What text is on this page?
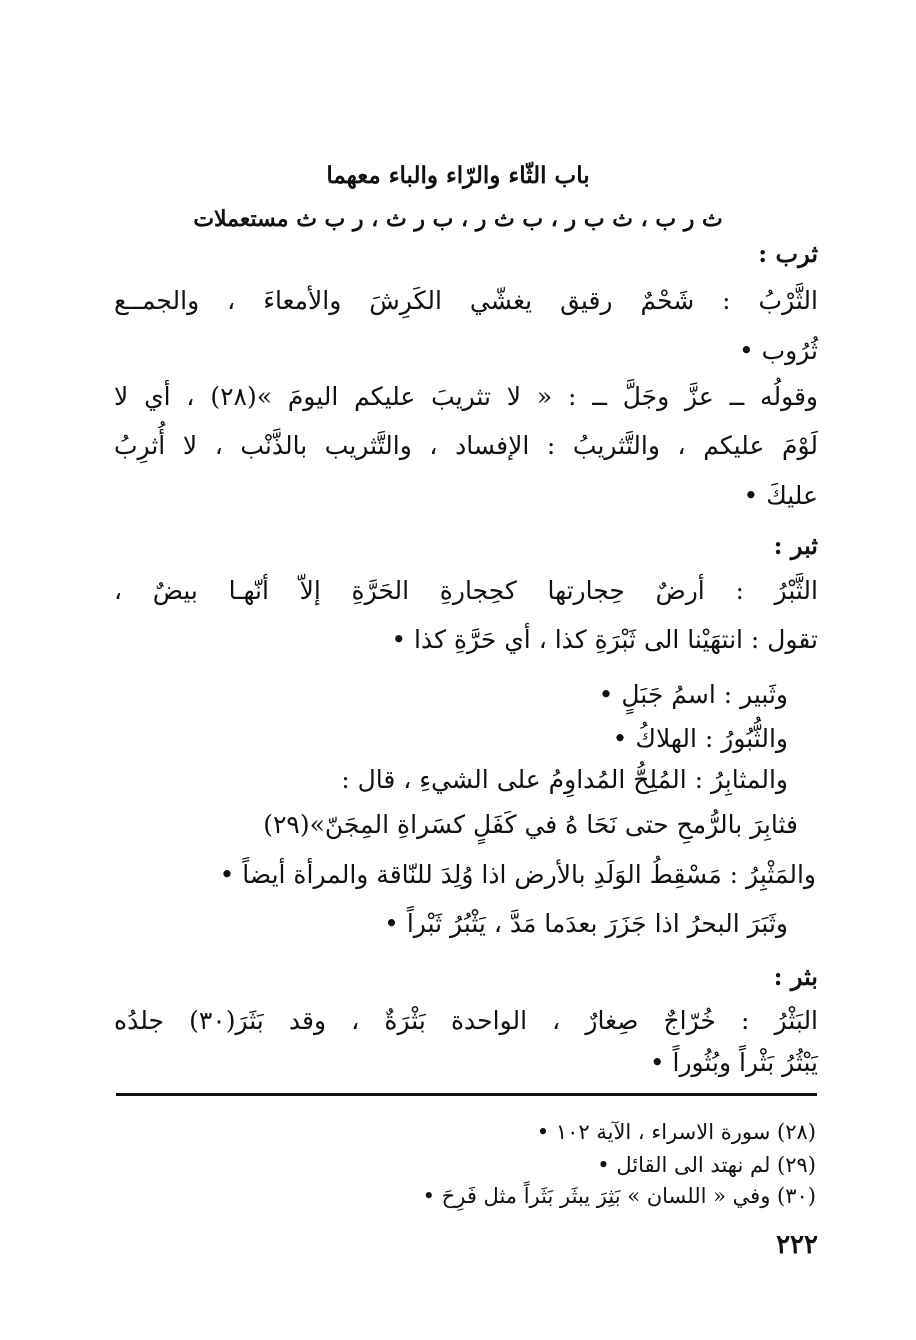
باب الثّاء والرّاء والباء معهما
ث ر ب ، ث ب ر ، ب ث ر ، ب ر ث ، ر ب ث مستعملات
ثرب :
الثَّرْبُ : شَحْمٌ رقيق يغشّي الكَرِشَ والأمعاءَ ، والجمــع
ثُرُوب •
وقولُه ــ عزَّ وجَلَّ ــ : « لا تثريبَ عليكم اليومَ »(٢٨) ، أي لا
لَوْمَ عليكم ، والتَّثريبُ : الإفساد ، والتَّثريب بالذَّنْب ، لا أُثرِبُ
عليكَ •
ثبر :
الثَّبْرُ : أرضٌ حِجارتها كحِجارةِ الحَرَّةِ إلاّ أنّهـا بيضٌ ،
تقول : انتهَيْنا الى ثَبْرَةِ كذا ، أي حَرَّةِ كذا •
وثَبير : اسمُ جَبَلٍ •
والثُّبُورُ : الهلاكُ •
والمثابِرُ : المُلِحُّ المُداوِمُ على الشيءِ ، قال :
فثابِرَ بالرُّمحِ حتى نَحَا هُ في كَفَلٍ كسَراةِ المِجَنّ»(٢٩)
والمَثْبِرُ : مَسْقِطُ الوَلَدِ بالأرض اذا وُلِدَ للنّاقة والمرأة أيضاً •
وثَبَرَ البحرُ اذا جَزَرَ بعدَما مَدَّ ، يَثْبُرُ ثَبْراً •
بثر :
البَثْرُ : خُرّاجٌ صِغارٌ ، الواحدة بَثْرَةٌ ، وقد بَثَرَ(٣٠) جلدُه
يَبْثُرُ بَثْراً وبُثُوراً •
(٢٨) سورة الاسراء ، الآية ١٠٢ •
(٢٩) لم نهتد الى القائل •
(٣٠) وفي « اللسان » بَثِرَ يبثَر بَثَراً مثل فَرِحَ •
٢٢٢
